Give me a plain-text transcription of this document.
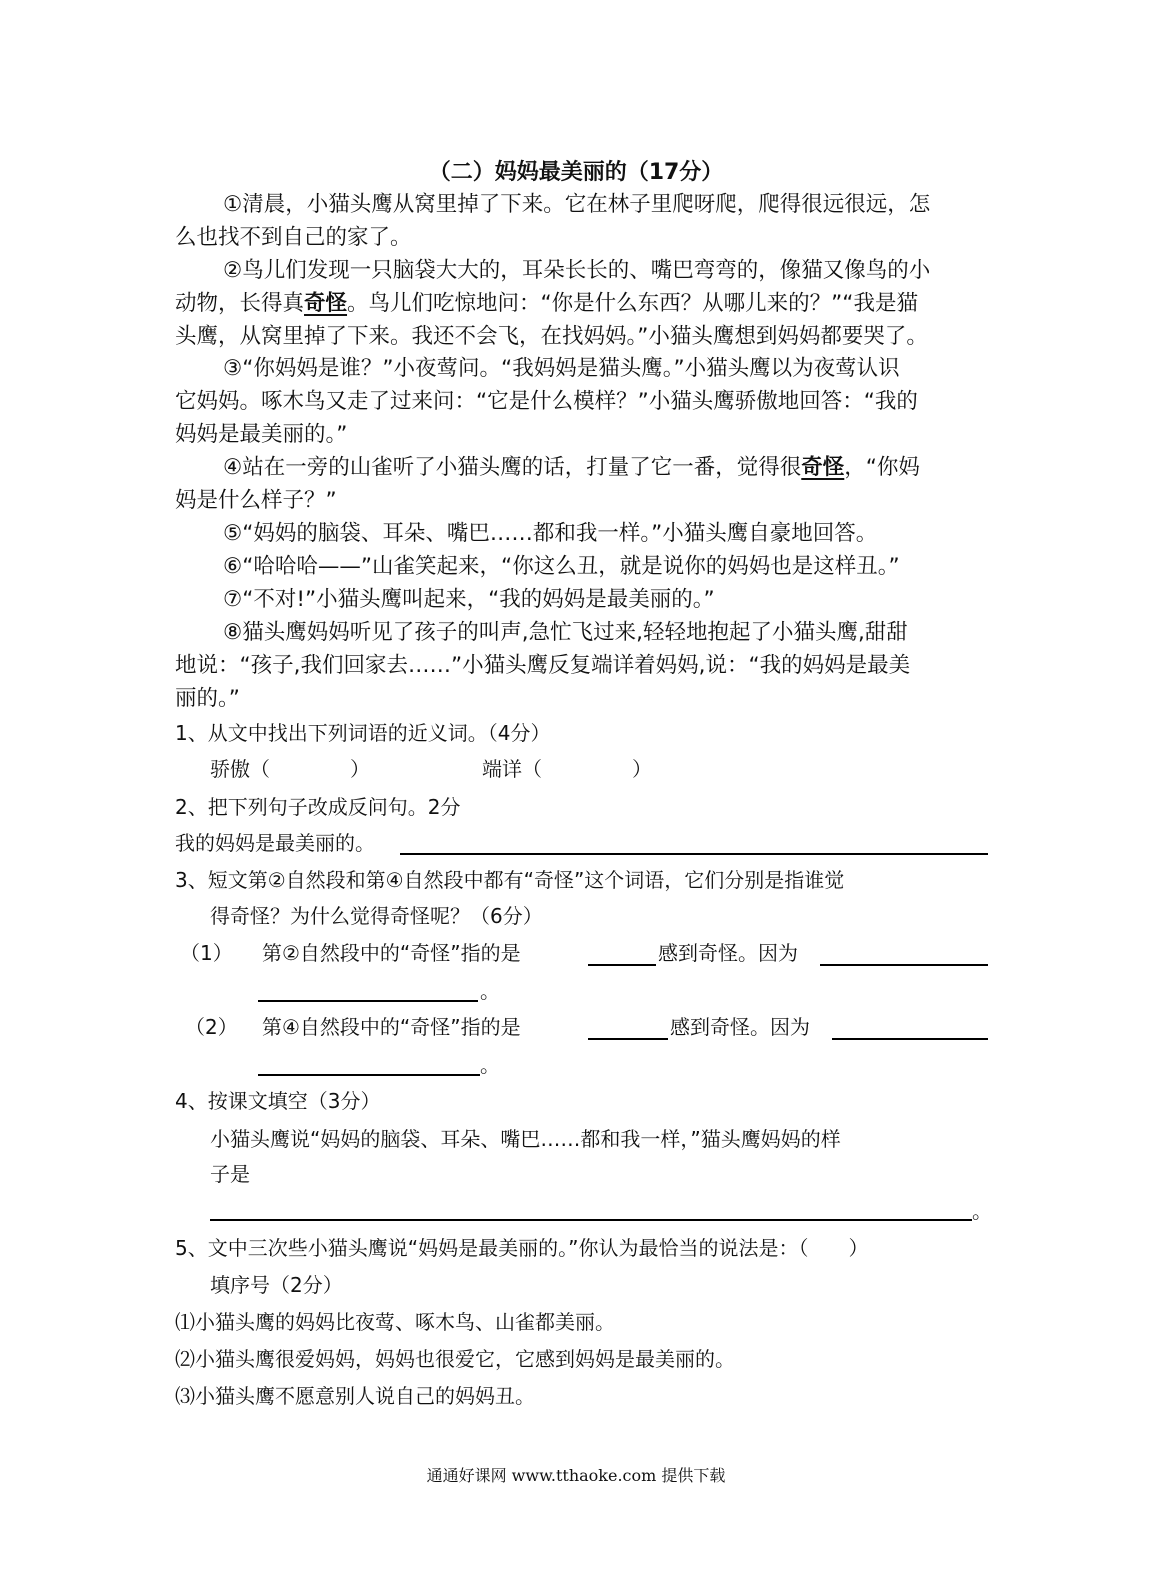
（二）妈妈最美丽的（17分）
①清晨，小猫头鹰从窝里掉了下来。它在林子里爬呀爬，爬得很远很远，怎
么也找不到自己的家了。
②鸟儿们发现一只脑袋大大的，耳朵长长的、嘴巴弯弯的，像猫又像鸟的小
动物，长得真奇怪。鸟儿们吃惊地问：“你是什么东西？从哪儿来的？”“我是猫
头鹰，从窝里掉了下来。我还不会飞，在找妈妈。”小猫头鹰想到妈妈都要哭了。
③“你妈妈是谁？”小夜莺问。“我妈妈是猫头鹰。”小猫头鹰以为夜莺认识
它妈妈。啄木鸟又走了过来问：“它是什么模样？”小猫头鹰骄傲地回答：“我的
妈妈是最美丽的。”
④站在一旁的山雀听了小猫头鹰的话，打量了它一番，觉得很奇怪，“你妈
妈是什么样子？”
⑤“妈妈的脑袋、耳朵、嘴巴……都和我一样。”小猫头鹰自豪地回答。
⑥“哈哈哈——”山雀笑起来，“你这么丑，就是说你的妈妈也是这样丑。”
⑦“不对!”小猫头鹰叫起来，“我的妈妈是最美丽的。”
⑧猫头鹰妈妈听见了孩子的叫声,急忙飞过来,轻轻地抱起了小猫头鹰,甜甜
地说：“孩子,我们回家去……”小猫头鹰反复端详着妈妈,说：“我的妈妈是最美
丽的。”
1、从文中找出下列词语的近义词。（4分）
骄傲（	）	端详（	）
2、把下列句子改成反问句。2分
我的妈妈是最美丽的。
3、短文第②自然段和第④自然段中都有“奇怪”这个词语，它们分别是指谁觉
得奇怪？为什么觉得奇怪呢？（6分）
（1） 第②自然段中的“奇怪”指的是	感到奇怪。因为
。
（2） 第④自然段中的“奇怪”指的是	感到奇怪。因为
。
4、按课文填空（3分）
小猫头鹰说“妈妈的脑袋、耳朵、嘴巴……都和我一样，”猫头鹰妈妈的样
子是
。
5、文中三次些小猫头鹰说“妈妈是最美丽的。”你认为最恰当的说法是：（　　）
填序号（2分）
⑴小猫头鹰的妈妈比夜莺、啄木鸟、山雀都美丽。
⑵小猫头鹰很爱妈妈，妈妈也很爱它，它感到妈妈是最美丽的。
⑶小猫头鹰不愿意别人说自己的妈妈丑。
通通好课网 www.tthaoke.com 提供下载
